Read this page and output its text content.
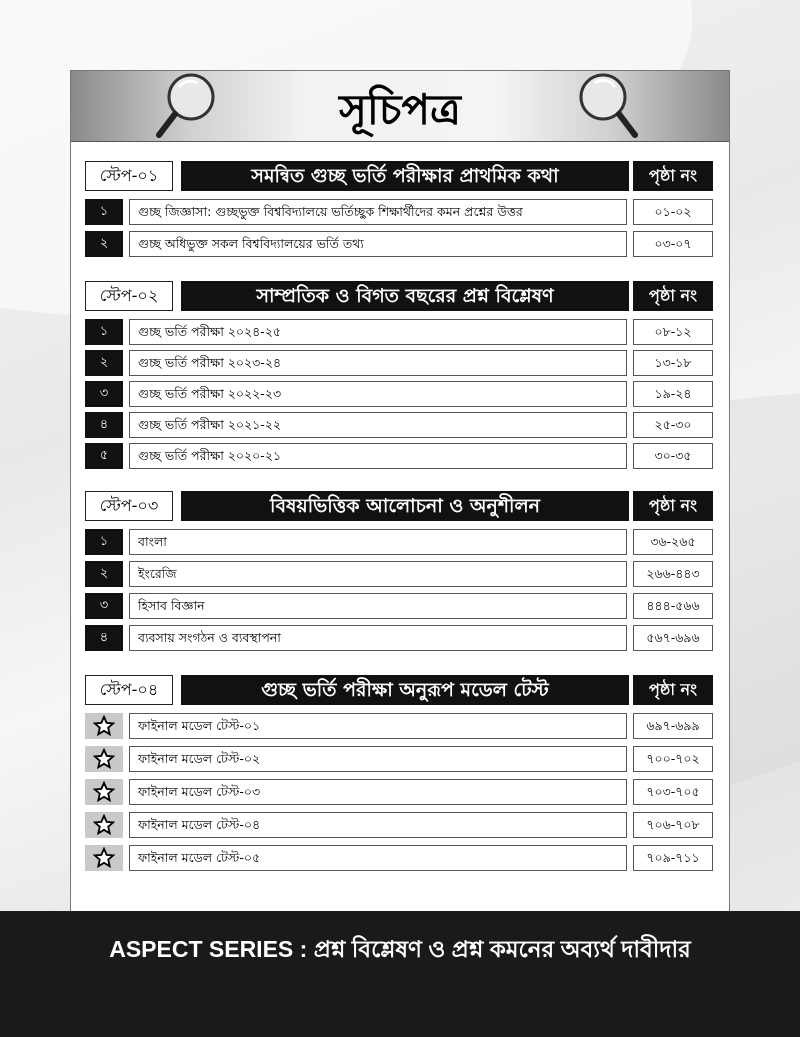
সূচিপত্র
স্টেপ-০১	সমন্বিত গুচ্ছ ভর্তি পরীক্ষার প্রাথমিক কথা	পৃষ্ঠা নং
১	গুচ্ছ জিজ্ঞাসা: গুচ্ছভুক্ত বিশ্ববিদ্যালয়ে ভর্তিচ্ছুক শিক্ষার্থীদের কমন প্রশ্নের উত্তর	০১-০২
২	গুচ্ছ অধিভুক্ত সকল বিশ্ববিদ্যালয়ের ভর্তি তথ্য	০৩-০৭
স্টেপ-০২	সাম্প্রতিক ও বিগত বছরের প্রশ্ন বিশ্লেষণ	পৃষ্ঠা নং
১	গুচ্ছ ভর্তি পরীক্ষা ২০২৪-২৫	০৮-১২
২	গুচ্ছ ভর্তি পরীক্ষা ২০২৩-২৪	১৩-১৮
৩	গুচ্ছ ভর্তি পরীক্ষা ২০২২-২৩	১৯-২৪
৪	গুচ্ছ ভর্তি পরীক্ষা ২০২১-২২	২৫-৩০
৫	গুচ্ছ ভর্তি পরীক্ষা ২০২০-২১	৩০-৩৫
স্টেপ-০৩	বিষয়ভিত্তিক আলোচনা ও অনুশীলন	পৃষ্ঠা নং
১	বাংলা	৩৬-২৬৫
২	ইংরেজি	২৬৬-৪৪৩
৩	হিসাব বিজ্ঞান	৪৪৪-৫৬৬
৪	ব্যবসায় সংগঠন ও ব্যবস্থাপনা	৫৬৭-৬৯৬
স্টেপ-০৪	গুচ্ছ ভর্তি পরীক্ষা অনুরূপ মডেল টেস্ট	পৃষ্ঠা নং
ফাইনাল মডেল টেস্ট-০১	৬৯৭-৬৯৯
ফাইনাল মডেল টেস্ট-০২	৭০০-৭০২
ফাইনাল মডেল টেস্ট-০৩	৭০৩-৭০৫
ফাইনাল মডেল টেস্ট-০৪	৭০৬-৭০৮
ফাইনাল মডেল টেস্ট-০৫	৭০৯-৭১১
ASPECT SERIES : প্রশ্ন বিশ্লেষণ ও প্রশ্ন কমনের অব্যর্থ দাবীদার
